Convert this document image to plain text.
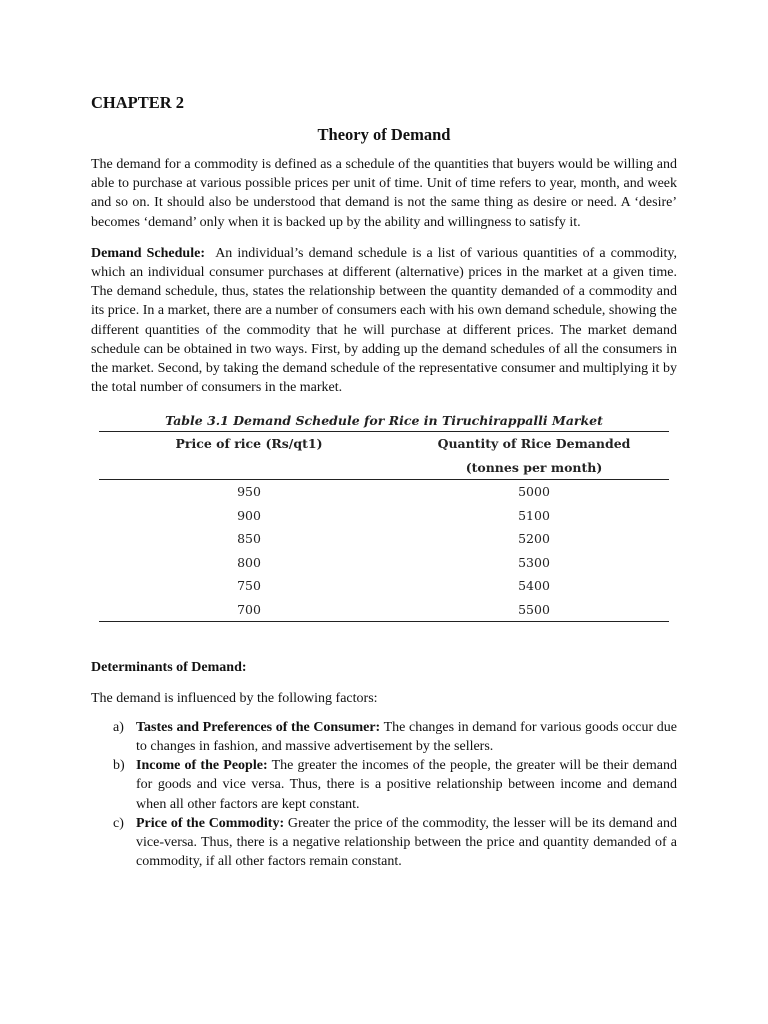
CHAPTER 2
Theory of Demand

The demand for a commodity is defined as a schedule of the quantities that buyers would be willing and able to purchase at various possible prices per unit of time. Unit of time refers to year, month, and week and so on. It should also be understood that demand is not the same thing as desire or need. A ‘desire’ becomes ‘demand’ only when it is backed up by the ability and willingness to satisfy it.

Demand Schedule: An individual’s demand schedule is a list of various quantities of a commodity, which an individual consumer purchases at different (alternative) prices in the market at a given time. The demand schedule, thus, states the relationship between the quantity demanded of a commodity and its price. In a market, there are a number of consumers each with his own demand schedule, showing the different quantities of the commodity that he will purchase at different prices. The market demand schedule can be obtained in two ways. First, by adding up the demand schedules of all the consumers in the market. Second, by taking the demand schedule of the representative consumer and multiplying it by the total number of consumers in the market.

Table 3.1 Demand Schedule for Rice in Tiruchirappalli Market
Price of rice (Rs/qt1)	Quantity of Rice Demanded
	(tonnes per month)
950	5000
900	5100
850	5200
800	5300
750	5400
700	5500
Determinants of Demand:

The demand is influenced by the following factors:

a) Tastes and Preferences of the Consumer: The changes in demand for various goods occur due to changes in fashion, and massive advertisement by the sellers.
b) Income of the People: The greater the incomes of the people, the greater will be their demand for goods and vice versa. Thus, there is a positive relationship between income and demand when all other factors are kept constant.
c) Price of the Commodity: Greater the price of the commodity, the lesser will be its demand and vice-versa. Thus, there is a negative relationship between the price and quantity demanded of a commodity, if all other factors remain constant.
